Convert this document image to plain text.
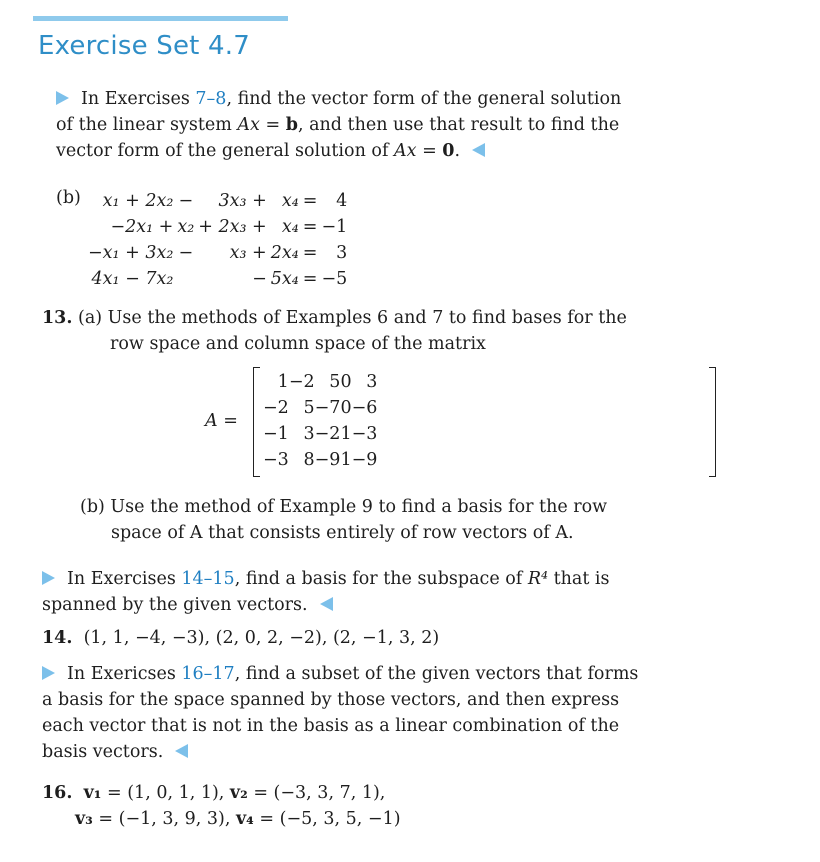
Exercise Set 4.7
In Exercises 7–8, find the vector form of the general solution
of the linear system Ax = b, and then use that result to find the
vector form of the general solution of Ax = 0.
(b) x₁ + 2x₂	−	3x₃ +	x₄	=	4
−2x₁ +	x₂	+ 2x₃ +	x₄	=	−1
−x₁ + 3x₂	−	x₃ +	2x₄	=	3
4x₁ − 7x₂		−	5x₄	=	−5
13. (a) Use the methods of Examples 6 and 7 to find bases for the
row space and column space of the matrix
A =
1	−2	5	0	3
−2	5	−7	0	−6
−1	3	−2	1	−3
−3	8	−9	1	−9
(b) Use the method of Example 9 to find a basis for the row
space of A that consists entirely of row vectors of A.
In Exercises 14–15, find a basis for the subspace of R⁴ that is
spanned by the given vectors.
14. (1, 1, −4, −3), (2, 0, 2, −2), (2, −1, 3, 2)
In Exericses 16–17, find a subset of the given vectors that forms
a basis for the space spanned by those vectors, and then express
each vector that is not in the basis as a linear combination of the
basis vectors.
16. v₁ = (1, 0, 1, 1), v₂ = (−3, 3, 7, 1),
v₃ = (−1, 3, 9, 3), v₄ = (−5, 3, 5, −1)
